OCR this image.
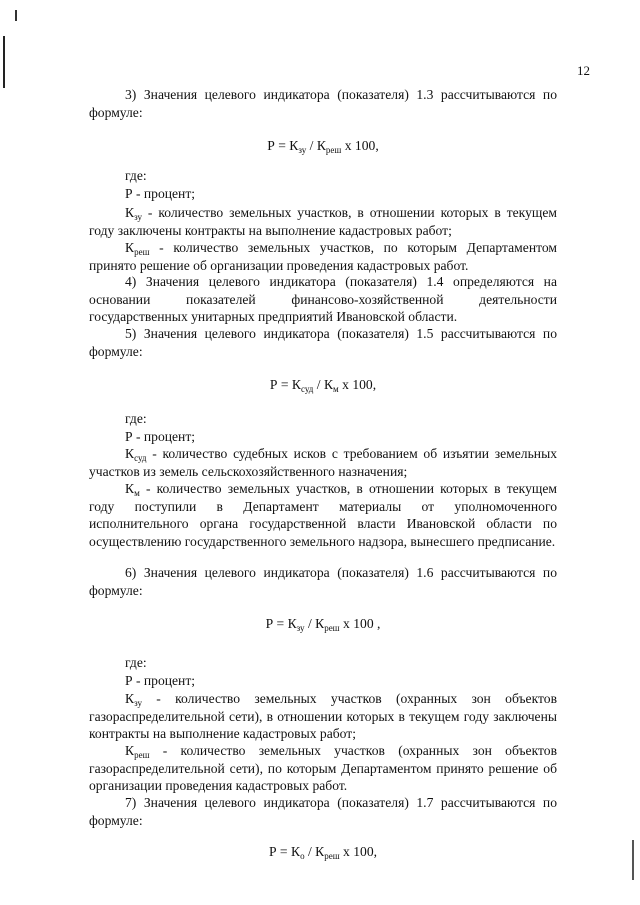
12

3) Значения целевого индикатора (показателя) 1.3 рассчитываются по формуле:

$Р = К_{зу} / К_{реш}$ х 100,

где:

Р - процент;

$К_{зу}$ - количество земельных участков, в отношении которых в текущем году заключены контракты на выполнение кадастровых работ;

$К_{реш}$ - количество земельных участков, по которым Департаментом принято решение об организации проведения кадастровых работ.

4) Значения целевого индикатора (показателя) 1.4 определяются на основании показателей финансово-хозяйственной деятельности государственных унитарных предприятий Ивановской области.

5) Значения целевого индикатора (показателя) 1.5 рассчитываются по формуле:

$Р = К_{суд} / К_м$ х 100,

где:

Р - процент;

$К_{суд}$ - количество судебных исков с требованием об изъятии земельных участков из земель сельскохозяйственного назначения;

$К_м$ - количество земельных участков, в отношении которых в текущем году поступили в Департамент материалы от уполномоченного исполнительного органа государственной власти Ивановской области по осуществлению государственного земельного надзора, вынесшего предписание.

6) Значения целевого индикатора (показателя) 1.6 рассчитываются по формуле:

$Р = К_{зу} / К_{реш}$ х 100 ,

где:

Р - процент;

$К_{зу}$ - количество земельных участков (охранных зон объектов газораспределительной сети), в отношении которых в текущем году заключены контракты на выполнение кадастровых работ;

$К_{реш}$ - количество земельных участков (охранных зон объектов газораспределительной сети), по которым Департаментом принято решение об организации проведения кадастровых работ.

7) Значения целевого индикатора (показателя) 1.7 рассчитываются по формуле:

$Р = К_о / К_{реш}$ х 100,
